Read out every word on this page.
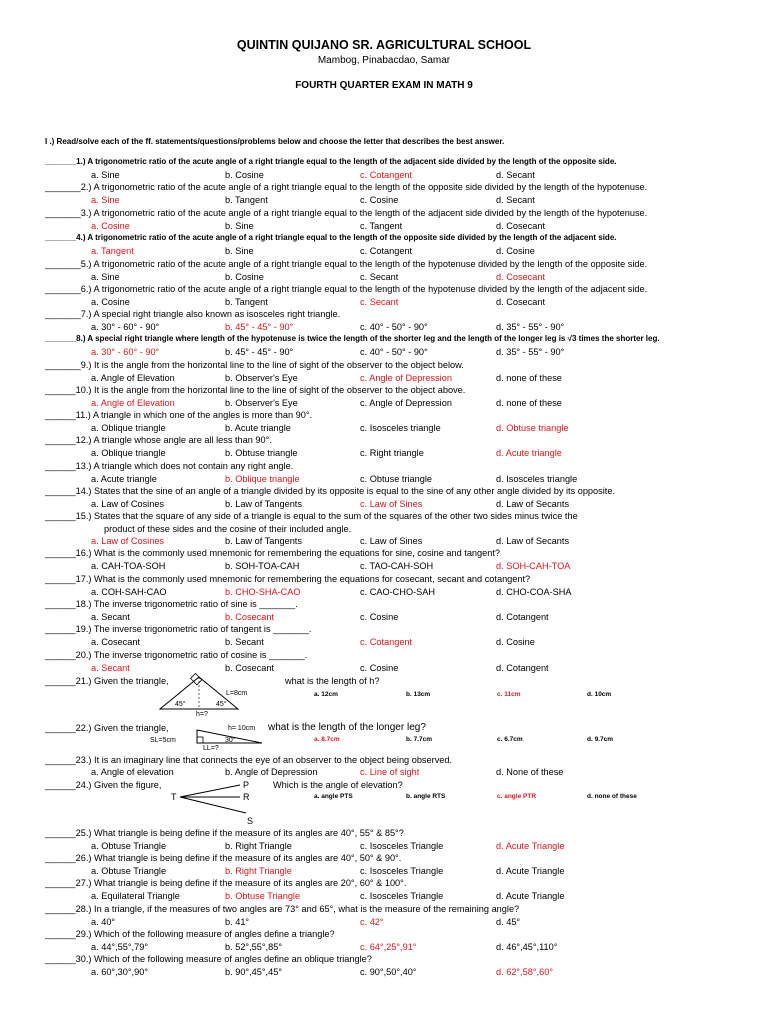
QUINTIN QUIJANO SR. AGRICULTURAL SCHOOL
Mambog, Pinabacdao, Samar
FOURTH QUARTER EXAM IN MATH 9
I .) Read/solve each of the ff. statements/questions/problems below and choose the letter that describes the best answer.
_______1.) A trigonometric ratio of the acute angle of a right triangle equal to the length of the adjacent side divided by the length of the opposite side.
a. Sine	b. Cosine	c. Cotangent	d. Secant
_______2.) A trigonometric ratio of the acute angle of a right triangle equal to the length of the opposite side divided by the length of the hypotenuse.
a. Sine	b. Tangent	c. Cosine	d. Secant
_______3.) A trigonometric ratio of the acute angle of a right triangle equal to the length of the adjacent side divided by the length of the hypotenuse.
a. Cosine	b. Sine	c. Tangent	d. Cosecant
_______4.) A trigonometric ratio of the acute angle of a right triangle equal to the length of the opposite side divided by the length of the adjacent side.
a. Tangent	b. Sine	c. Cotangent	d. Cosine
_______5.) A trigonometric ratio of the acute angle of a right triangle equal to the length of the hypotenuse divided by the length of the opposite side.
a. Sine	b. Cosine	c. Secant	d. Cosecant
_______6.) A trigonometric ratio of the acute angle of a right triangle equal to the length of the hypotenuse divided by the length of the adjacent side.
a. Cosine	b. Tangent	c. Secant	d. Cosecant
_______7.) A special right triangle also known as isosceles right triangle.
a. 30° - 60° - 90°	b. 45° - 45° - 90°	c. 40° - 50° - 90°	d. 35° - 55° - 90°
_______8.) A special right triangle where length of the hypotenuse is twice the length of the shorter leg and the length of the longer leg is √3 times the shorter leg.
a. 30° - 60° - 90°	b. 45° - 45° - 90°	c. 40° - 50° - 90°	d. 35° - 55° - 90°
_______9.) It is the angle from the horizontal line to the line of sight of the observer to the object below.
a. Angle of Elevation	b. Observer's Eye	c. Angle of Depression	d. none of these
______10.) It is the angle from the horizontal line to the line of sight of the observer to the object above.
a. Angle of Elevation	b. Observer's Eye	c. Angle of Depression	d. none of these
______11.) A triangle in which one of the angles is more than 90°.
a. Oblique triangle	b. Acute triangle	c. Isosceles triangle	d. Obtuse triangle
______12.) A triangle whose angle are all less than 90°.
a. Oblique triangle	b. Obtuse triangle	c. Right triangle	d. Acute triangle
______13.) A triangle which does not contain any right angle.
a. Acute triangle	b. Oblique triangle	c. Obtuse triangle	d. Isosceles triangle
______14.) States that the sine of an angle of a triangle divided by its opposite is equal to the sine of any other angle divided by its opposite.
a. Law of Cosines	b. Law of Tangents	c. Law of Sines	d. Law of Secants
______15.) States that the square of any side of a triangle is equal to the sum of the squares of the other two sides minus twice the
product of these sides and the cosine of their included angle.
a. Law of Cosines	b. Law of Tangents	c. Law of Sines	d. Law of Secants
______16.) What is the commonly used mnemonic for remembering the equations for sine, cosine and tangent?
a. CAH-TOA-SOH	b. SOH-TOA-CAH	c. TAO-CAH-SOH	d. SOH-CAH-TOA
______17.) What is the commonly used mnemonic for remembering the equations for cosecant, secant and cotangent?
a. COH-SAH-CAO	b. CHO-SHA-CAO	c. CAO-CHO-SAH	d. CHO-COA-SHA
______18.) The inverse trigonometric ratio of sine is _______.
a. Secant	b. Cosecant	c. Cosine	d. Cotangent
______19.) The inverse trigonometric ratio of tangent is _______.
a. Cosecant	b. Secant	c. Cotangent	d. Cosine
______20.) The inverse trigonometric ratio of cosine is _______.
a. Secant	b. Cosecant	c. Cosine	d. Cotangent
a. 12cm	b. 13cm	c. 11cm	d. 10cm
a. 8.7cm	b. 7.7cm	c. 6.7cm	d. 9.7cm
a. Angle of elevation	b. Angle of Depression	c. Line of sight	d. None of these
a. angle PTS	b. angle RTS	c. angle PTR	d. none of these
______25.) What triangle is being define if the measure of its angles are 40°, 55° & 85°?
a. Obtuse Triangle	b. Right Triangle	c. Isosceles Triangle	d. Acute Triangle
______26.) What triangle is being define if the measure of its angles are 40°, 50° & 90°.
a. Obtuse Triangle	b. Right Triangle	c. Isosceles Triangle	d. Acute Triangle
______27.) What triangle is being define if the measure of its angles are 20°, 60° & 100°.
a. Equilateral Triangle	b. Obtuse Triangle	c. Isosceles Triangle	d. Acute Triangle
______28.) In a triangle, if the measures of two angles are 73° and 65°, what is the measure of the remaining angle?
a. 40°	b. 41°	c. 42°	d. 45°
______29.) Which of the following measure of angles define a triangle?
a. 44°,55°,79°	b. 52°,55°,85°	c. 64°,25°,91°	d. 46°,45°,110°
______30.) Which of the following measure of angles define an oblique triangle?
a. 60°,30°,90°	b. 90°,45°,45°	c. 90°,50°,40°	d. 62°,58°,60°
______21.) Given the triangle,	what is the length of h?
L=8cm
45°	45°
h=?
______22.) Given the triangle,	h= 10cm what is the length of the longer leg?
SL=5cm	30°
LL=?
______23.) It is an imaginary line that connects the eye of an observer to the object being observed.
______24.) Given the figure,	Which is the angle of elevation?
P
T	R
S
